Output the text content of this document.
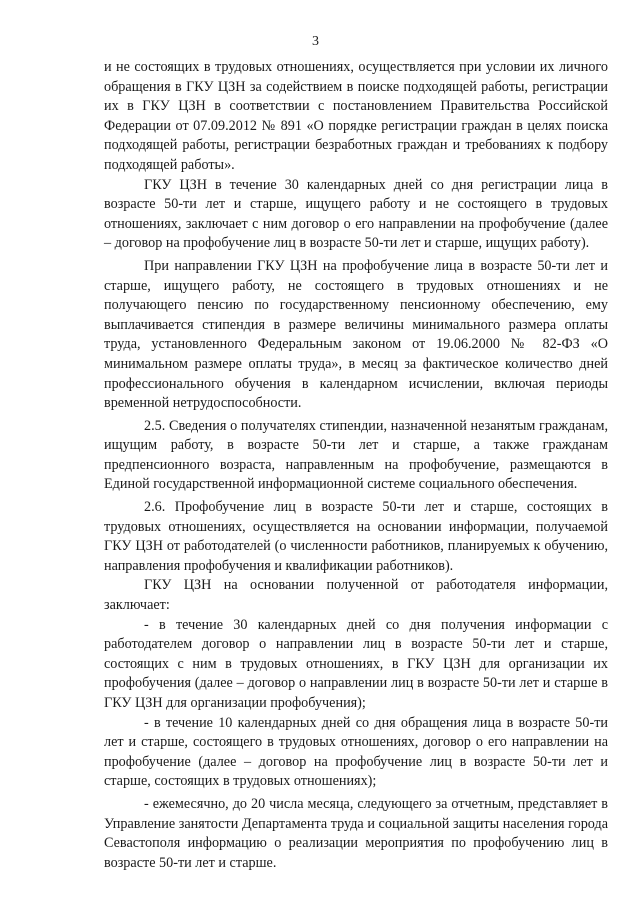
3

и не состоящих в трудовых отношениях, осуществляется при условии их личного обращения в ГКУ ЦЗН за содействием в поиске подходящей работы, регистрации их в ГКУ ЦЗН в соответствии с постановлением Правительства Российской Федерации от 07.09.2012 № 891 «О порядке регистрации граждан в целях поиска подходящей работы, регистрации безработных граждан и требованиях к подбору подходящей работы».

ГКУ ЦЗН в течение 30 календарных дней со дня регистрации лица в возрасте 50-ти лет и старше, ищущего работу и не состоящего в трудовых отношениях, заключает с ним договор о его направлении на профобучение (далее – договор на профобучение лиц в возрасте 50-ти лет и старше, ищущих работу).

При направлении ГКУ ЦЗН на профобучение лица в возрасте 50-ти лет и старше, ищущего работу, не состоящего в трудовых отношениях и не получающего пенсию по государственному пенсионному обеспечению, ему выплачивается стипендия в размере величины минимального размера оплаты труда, установленного Федеральным законом от 19.06.2000 № 82-ФЗ «О минимальном размере оплаты труда», в месяц за фактическое количество дней профессионального обучения в календарном исчислении, включая периоды временной нетрудоспособности.

2.5. Сведения о получателях стипендии, назначенной незанятым гражданам, ищущим работу, в возрасте 50-ти лет и старше, а также гражданам предпенсионного возраста, направленным на профобучение, размещаются в Единой государственной информационной системе социального обеспечения.

2.6. Профобучение лиц в возрасте 50-ти лет и старше, состоящих в трудовых отношениях, осуществляется на основании информации, получаемой ГКУ ЦЗН от работодателей (о численности работников, планируемых к обучению, направления профобучения и квалификации работников).

ГКУ ЦЗН на основании полученной от работодателя информации, заключает:

- в течение 30 календарных дней со дня получения информации с работодателем договор о направлении лиц в возрасте 50-ти лет и старше, состоящих с ним в трудовых отношениях, в ГКУ ЦЗН для организации их профобучения (далее – договор о направлении лиц в возрасте 50-ти лет и старше в ГКУ ЦЗН для организации профобучения);

- в течение 10 календарных дней со дня обращения лица в возрасте 50-ти лет и старше, состоящего в трудовых отношениях, договор о его направлении на профобучение (далее – договор на профобучение лиц в возрасте 50-ти лет и старше, состоящих в трудовых отношениях);

- ежемесячно, до 20 числа месяца, следующего за отчетным, представляет в Управление занятости Департамента труда и социальной защиты населения города Севастополя информацию о реализации мероприятия по профобучению лиц в возрасте 50-ти лет и старше.
